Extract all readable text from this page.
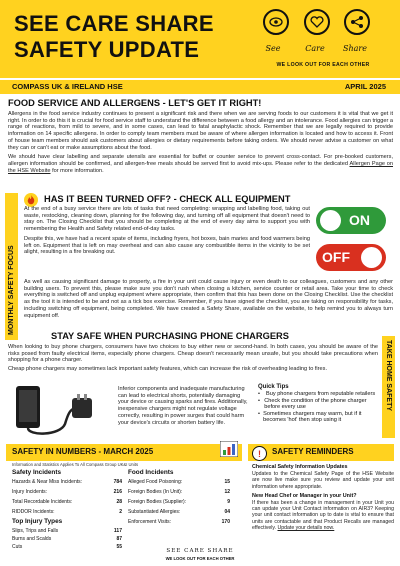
SEE CARE SHARE
SAFETY UPDATE	See	Care	Share
WE LOOK OUT FOR EACH OTHER
COMPASS UK & IRELAND HSE	APRIL 2025
FOOD SERVICE AND ALLERGENS - LET'S GET IT RIGHT!

Allergens in the food service industry continues to present a significant risk and there when we are serving foods to our customers it is vital that we get it right. In order to do this it is crucial for food service staff to understand the difference between a food allergy and an intolerance. Food allergies can trigger a range of reactions, from mild to severe, and in some cases, can lead to fatal anaphylactic shock. Remember that we are legally required to provide information on 14 specific allergens. In order to comply team members must be aware of where allergen information is located and how to access it. Front of house team members should ask customers about allergies or dietary requirements before taking orders. We should never advise a customer on what they can or can't eat or make assumptions about the food.

We should have clear labelling and separate utensils are essential for buffet or counter service to prevent cross-contact. For pre-booked customers, allergen information should be confirmed, and allergen-free meals should be served first to avoid mix-ups. Please refer to the dedicated Allergen Page on the HSE Website for more information.

MONTHLY SAFETY FOCUS
HAS IT BEEN TURNED OFF? - CHECK ALL EQUIPMENT

At the end of a busy service there are lots of tasks that need completing: wrapping and labelling food, taking out waste, restocking, cleaning down, planning for the following day, and turning off all equipment that doesn't need to stay on. The Closing Checklist that you should be completing at the end of every day aims to support you with remembering the Health and Safety related end-of-day tasks.

Despite this, we have had a recent spate of items, including fryers, hot boxes, bain maries and food warmers being left on. Equipment that is left on may overheat and can also cause any combustible items in the vicinity to be set alight, resulting in a fire breaking out.

As well as causing significant damage to property, a fire in your unit could cause injury or even death to our colleagues, customers and any other building users. To prevent this, please make sure you don't rush when closing a kitchen, service counter or retail area. Take your time to check everything is switched off and unplug equipment where appropriate, then confirm that this has been done on the Closing Checklist. Use the checklist as the tool it is intended to be and not as a tick box exercise. Remember, if you have signed the checklist, you are taking on responsibility for tasks, including switching off equipment, being completed. We have created a Safety Share, available on the website, to help remind you to always turn equipment off.

ON
OFF
STAY SAFE WHEN PURCHASING PHONE CHARGERS

When looking to buy phone chargers, consumers have two choices to buy either new or second-hand. In both cases, you should be aware of the risks posed from faulty electrical items, especially phone chargers. Cheap doesn't necessarily mean unsafe, but you should take precautions when shopping for a phone charger.

Cheap phone chargers may sometimes lack important safety features, which can increase the risk of overheating leading to fires.	TAKE HOME SAFETY

Inferior components and inadequate manufacturing can lead to electrical shorts, potentially damaging your device or causing sparks and fires. Additionally, inexpensive chargers might not regulate voltage correctly, resulting in power surges that could harm your device's circuits or shorten battery life.

Quick Tips
•	Buy phone chargers from reputable retailers
• Check the condition of the phone charger before every use
• Sometimes chargers may warm, but if it becomes 'hot' then stop using it
SAFETY IN NUMBERS - MARCH 2025
Information and Statistics Applies To All Compass Group UK&I Units
Safety Incidents
Hazards & Near Miss Incidents:	784
Injury Incidents:	216
Total Recordable Incidents:	28
RIDDOR Incidents:	2
Top Injury Types
Slips, Trips and Falls	117
Burns and Scalds	87
Cuts	55
Food Incidents
Alleged Food Poisoning:	15
Foreign Bodies (In Unit):	12
Foreign Bodies (Supplier):	9
Substantiated Allergies:	04
Enforcement Visits:	170
SAFETY REMINDERS
!
Chemical Safety Information Updates

Updates to the Chemical Safety Page of the HSE Website are now live make sure you review and update your unit information where appropriate.

New Head Chef or Manager in your Unit?

If there has been a change in management in your Unit you can update your Unit Contact information on AIR3? Keeping your unit contact information up to date is vital to ensure that units are contactable and that Product Recalls are managed effectively. Update your details now.

SEE CARE SHARE
WE LOOK OUT FOR EACH OTHER
